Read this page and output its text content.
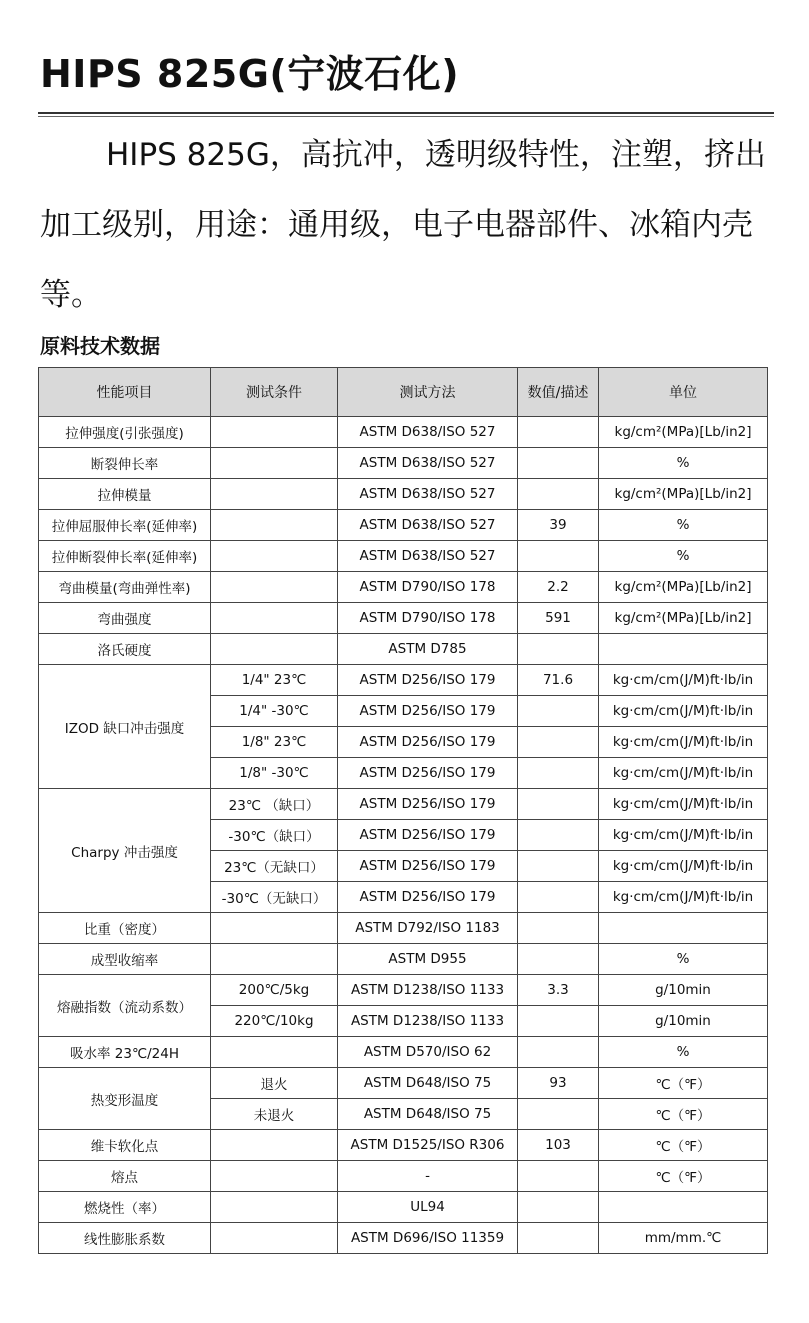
HIPS 825G(宁波石化)

HIPS 825G，高抗冲，透明级特性，注塑，挤出加工级别，用途：通用级，电子电器部件、冰箱内壳等。

原料技术数据
性能项目	测试条件	测试方法	数值/描述	单位
拉伸强度(引张强度)		ASTM D638/ISO 527		kg/cm²(MPa)[Lb/in2]
断裂伸长率		ASTM D638/ISO 527		%
拉伸模量		ASTM D638/ISO 527		kg/cm²(MPa)[Lb/in2]
拉伸屈服伸长率(延伸率)		ASTM D638/ISO 527	39	%
拉伸断裂伸长率(延伸率)		ASTM D638/ISO 527		%
弯曲模量(弯曲弹性率)		ASTM D790/ISO 178	2.2	kg/cm²(MPa)[Lb/in2]
弯曲强度		ASTM D790/ISO 178	591	kg/cm²(MPa)[Lb/in2]
洛氏硬度		ASTM D785		
IZOD 缺口冲击强度	1/4" 23℃	ASTM D256/ISO 179	71.6	kg·cm/cm(J/M)ft·lb/in
	1/4" -30℃	ASTM D256/ISO 179		kg·cm/cm(J/M)ft·lb/in
	1/8" 23℃	ASTM D256/ISO 179		kg·cm/cm(J/M)ft·lb/in
	1/8" -30℃	ASTM D256/ISO 179		kg·cm/cm(J/M)ft·lb/in
Charpy 冲击强度	23℃ （缺口）	ASTM D256/ISO 179		kg·cm/cm(J/M)ft·lb/in
	-30℃（缺口）	ASTM D256/ISO 179		kg·cm/cm(J/M)ft·lb/in
	23℃（无缺口）	ASTM D256/ISO 179		kg·cm/cm(J/M)ft·lb/in
	-30℃（无缺口）	ASTM D256/ISO 179		kg·cm/cm(J/M)ft·lb/in
比重（密度）		ASTM D792/ISO 1183		
成型收缩率		ASTM D955		%
熔融指数（流动系数）	200℃/5kg	ASTM D1238/ISO 1133	3.3	g/10min
	220℃/10kg	ASTM D1238/ISO 1133		g/10min
吸水率 23℃/24H		ASTM D570/ISO 62		%
热变形温度	退火	ASTM D648/ISO 75	93	℃（℉）
	未退火	ASTM D648/ISO 75		℃（℉）
维卡软化点		ASTM D1525/ISO R306	103	℃（℉）
熔点		-		℃（℉）
燃烧性（率）		UL94		
线性膨胀系数		ASTM D696/ISO 11359		mm/mm.℃
